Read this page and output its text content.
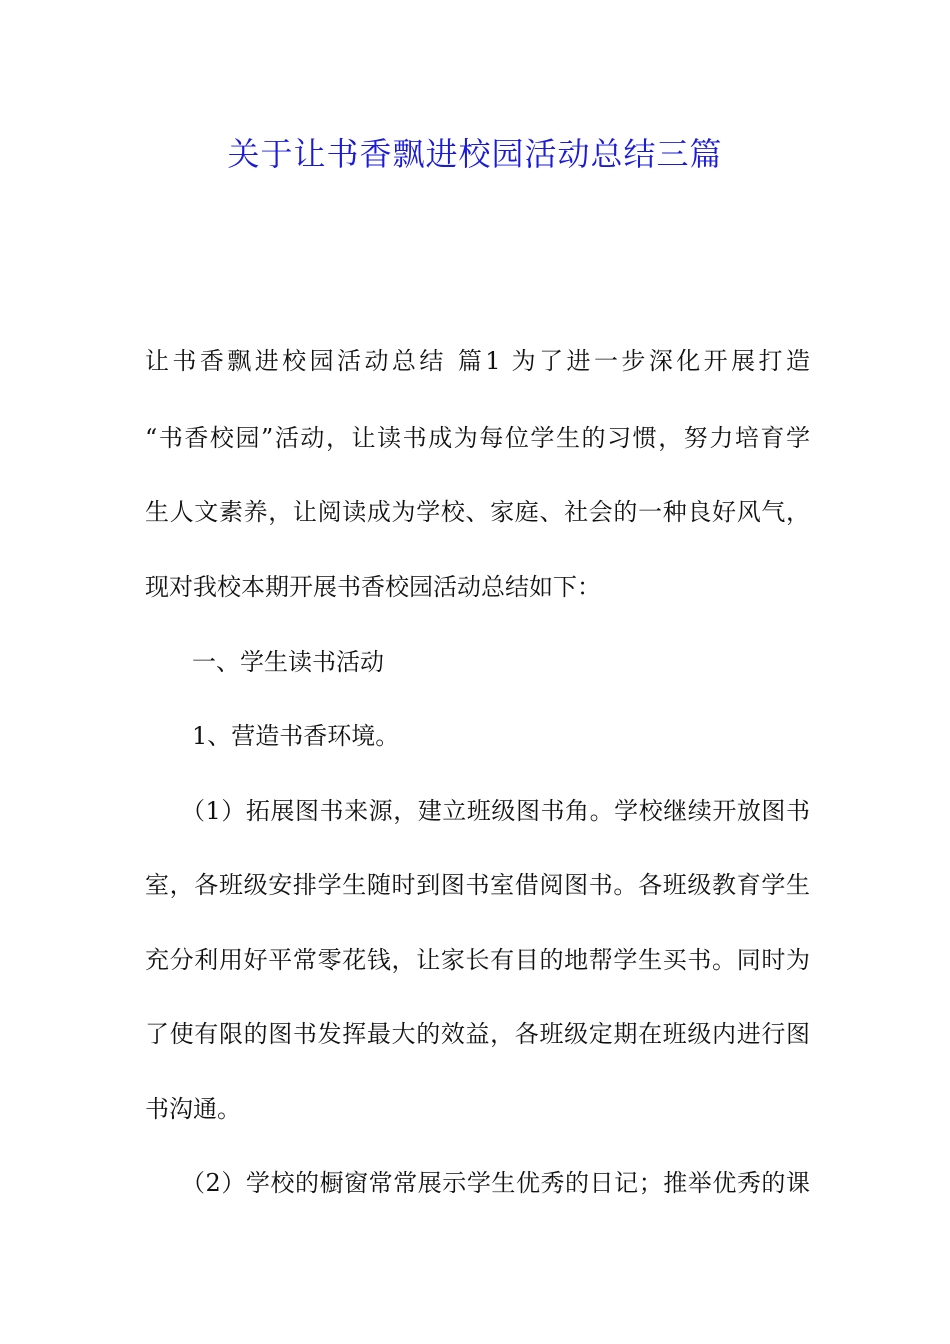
关于让书香飘进校园活动总结三篇
让书香飘进校园活动总结 篇1 为了进一步深化开展打造
“书香校园”活动，让读书成为每位学生的习惯，努力培育学
生人文素养，让阅读成为学校、家庭、社会的一种良好风气，
现对我校本期开展书香校园活动总结如下：
一、学生读书活动
1、营造书香环境。
（1）拓展图书来源，建立班级图书角。学校继续开放图书
室，各班级安排学生随时到图书室借阅图书。各班级教育学生
充分利用好平常零花钱，让家长有目的地帮学生买书。同时为
了使有限的图书发挥最大的效益，各班级定期在班级内进行图
书沟通。
（2）学校的橱窗常常展示学生优秀的日记；推举优秀的课
